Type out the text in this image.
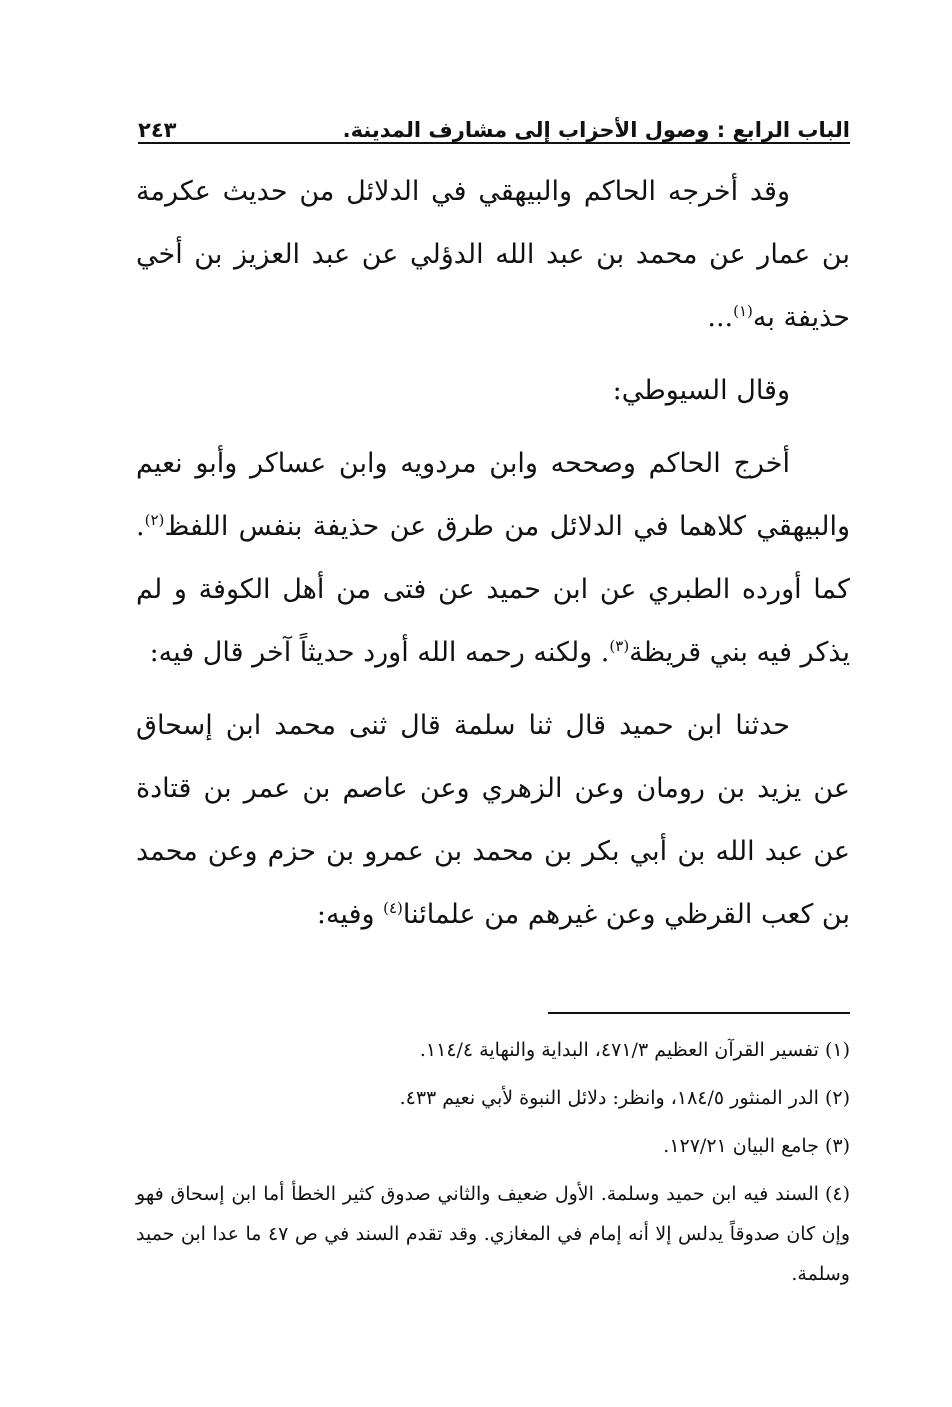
الباب الرابع : وصول الأحزاب إلى مشارف المدينة.
٢٤٣

وقد أخرجه الحاكم والبيهقي في الدلائل من حديث عكرمة بن عمار عن محمد بن عبد الله الدؤلي عن عبد العزيز بن أخي حذيفة به$^{(١)}$...

وقال السيوطي:

أخرج الحاكم وصححه وابن مردويه وابن عساكر وأبو نعيم والبيهقي كلاهما في الدلائل من طرق عن حذيفة بنفس اللفظ$^{(٢)}$. كما أورده الطبري عن ابن حميد عن فتى من أهل الكوفة و لم يذكر فيه بني قريظة$^{(٣)}$. ولكنه رحمه الله أورد حديثاً آخر قال فيه:

حدثنا ابن حميد قال ثنا سلمة قال ثنى محمد ابن إسحاق عن يزيد بن رومان وعن الزهري وعن عاصم بن عمر بن قتادة عن عبد الله بن أبي بكر بن محمد بن عمرو بن حزم وعن محمد بن كعب القرظي وعن غيرهم من علمائنا$^{(٤)}$ وفيه:

(١)تفسير القرآن العظيم ٤٧١/٣، البداية والنهاية ١١٤/٤.

(٢)الدر المنثور ١٨٤/٥، وانظر: دلائل النبوة لأبي نعيم ٤٣٣.

(٣)جامع البيان ١٢٧/٢١.

(٤)السند فيه ابن حميد وسلمة. الأول ضعيف والثاني صدوق كثير الخطأ أما ابن إسحاق فهو وإن كان صدوقاً يدلس إلا أنه إمام في المغازي. وقد تقدم السند في ص ٤٧ ما عدا ابن حميد وسلمة.
